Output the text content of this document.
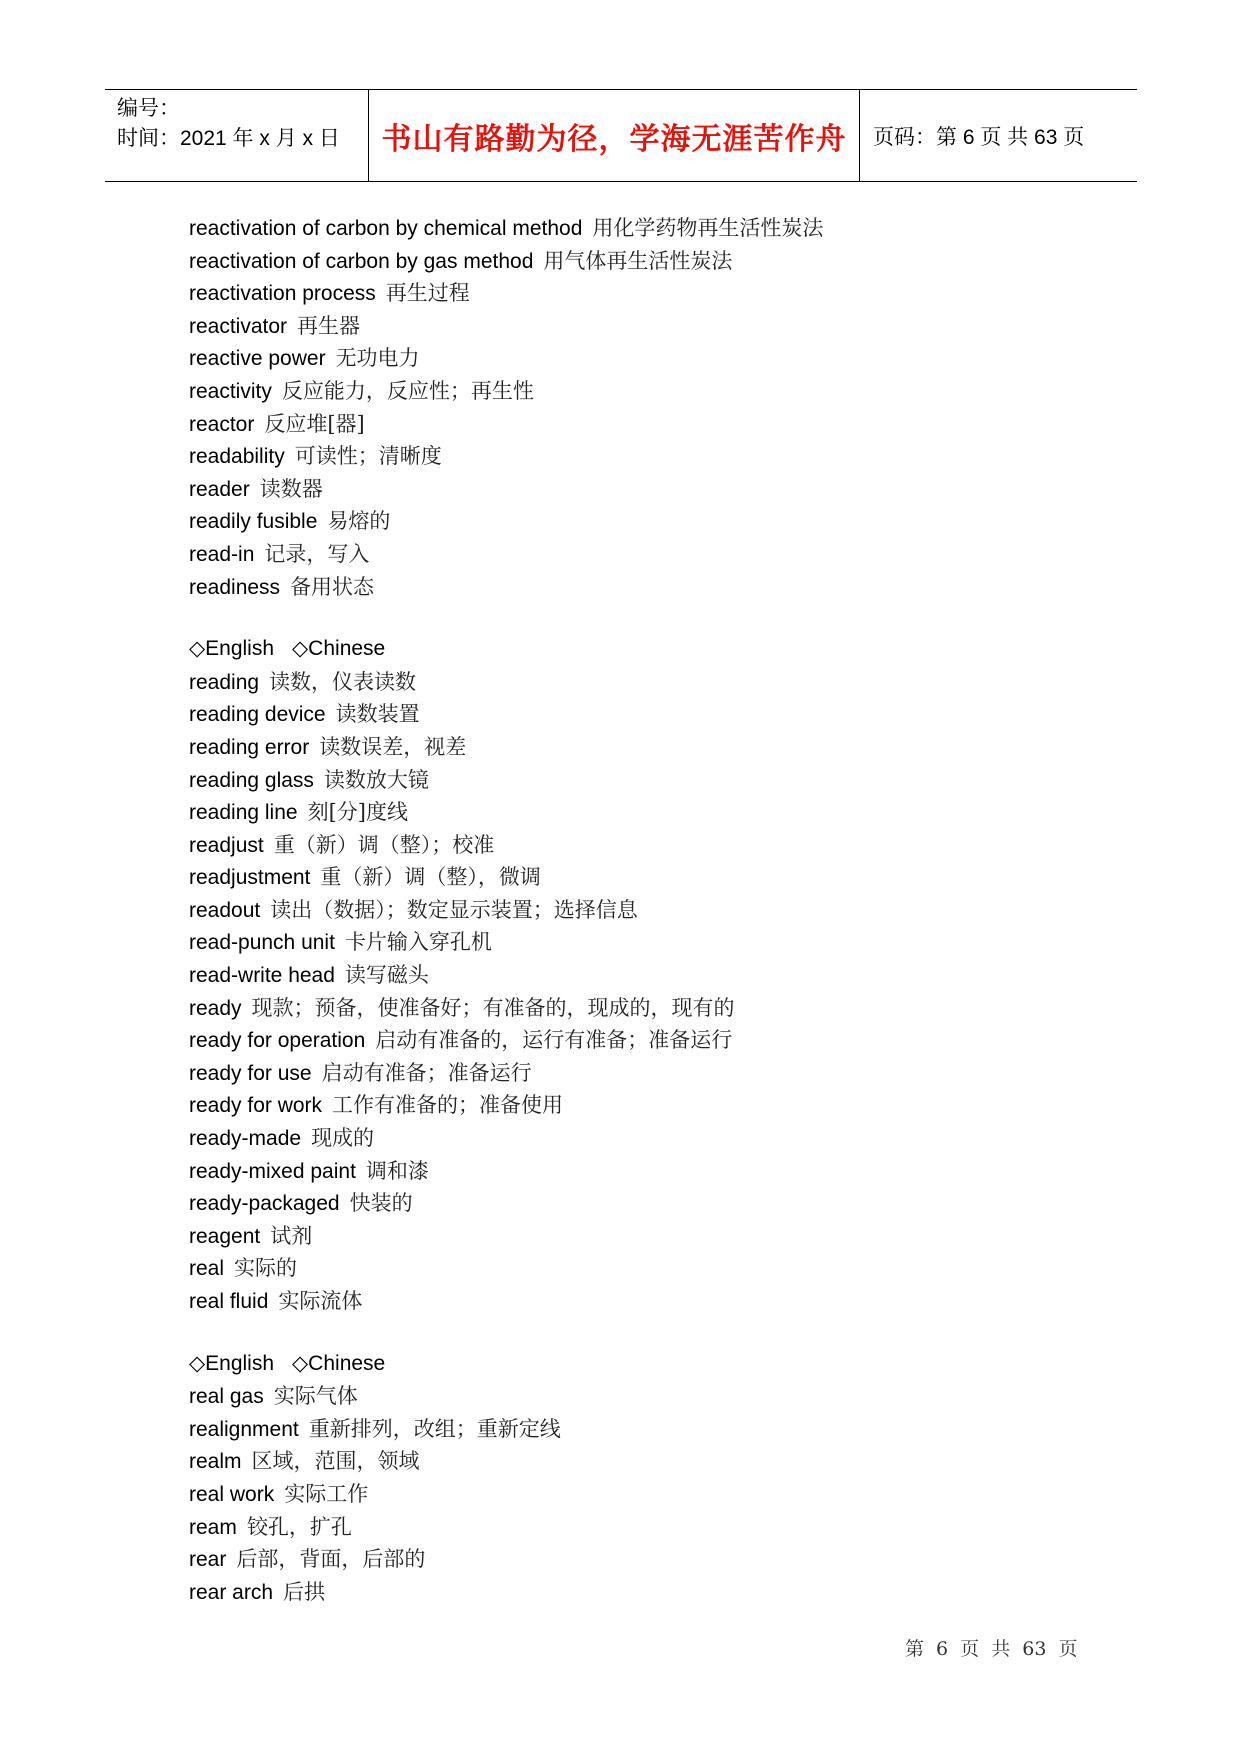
编号：
时间：2021 年 x 月 x 日 书山有路勤为径，学海无涯苦作舟	页码：第 6 页 共 63 页
reactivation of carbon by chemical method 用化学药物再生活性炭法
reactivation of carbon by gas method 用气体再生活性炭法
reactivation process 再生过程
reactivator 再生器
reactive power 无功电力
reactivity 反应能力，反应性；再生性
reactor 反应堆[器]
readability 可读性；清晰度
reader 读数器
readily fusible 易熔的
read-in 记录，写入
readiness 备用状态
◇English ◇Chinese
reading 读数，仪表读数
reading device 读数装置
reading error 读数误差，视差
reading glass 读数放大镜
reading line 刻[分]度线
readjust 重（新）调（整）；校准
readjustment 重（新）调（整），微调
readout 读出（数据）；数定显示装置；选择信息
read-punch unit 卡片输入穿孔机
read-write head 读写磁头
ready 现款；预备，使准备好；有准备的，现成的，现有的
ready for operation 启动有准备的，运行有准备；准备运行
ready for use 启动有准备；准备运行
ready for work 工作有准备的；准备使用
ready-made 现成的
ready-mixed paint 调和漆
ready-packaged 快装的
reagent 试剂
real 实际的
real fluid 实际流体
◇English ◇Chinese
real gas 实际气体
realignment 重新排列，改组；重新定线
realm 区域，范围，领域
real work 实际工作
ream 铰孔，扩孔
rear 后部，背面，后部的
rear arch 后拱
第 6 页 共 63 页
